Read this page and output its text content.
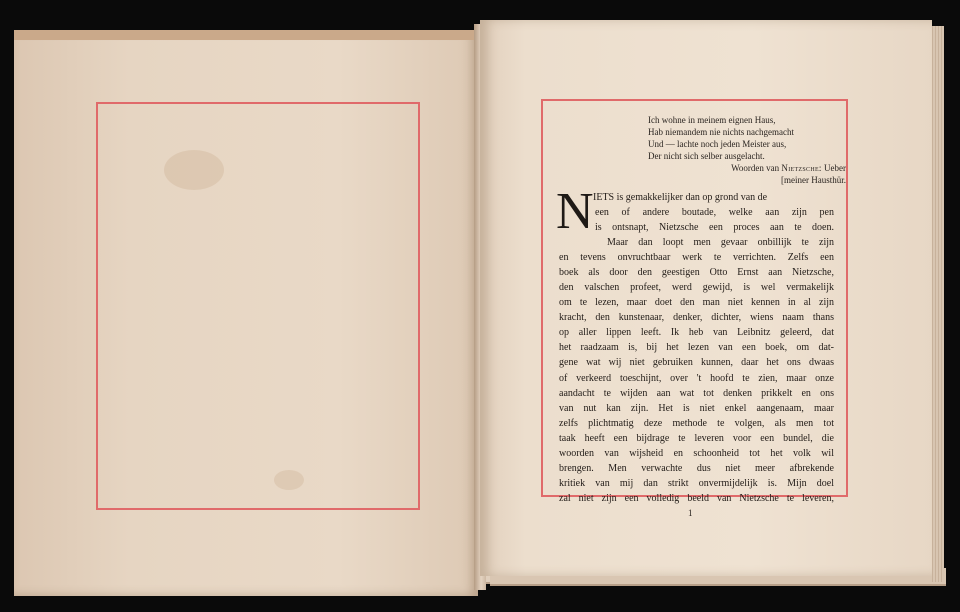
Ich wohne in meinem eignen Haus,
Hab niemandem nie nichts nachgemacht
Und — lachte noch jeden Meister aus,
Der nicht sich selber ausgelacht.
Woorden van Nietzsche: Ueber
[meiner Hausthür.
N IETS is gemakkelijker dan op grond van de
een of andere boutade, welke aan zijn pen
is ontsnapt, Nietzsche een proces aan te doen.
Maar dan loopt men gevaar onbillijk te zijn
en tevens onvruchtbaar werk te verrichten. Zelfs een
boek als door den geestigen Otto Ernst aan Nietzsche,
den valschen profeet, werd gewijd, is wel vermakelijk
om te lezen, maar doet den man niet kennen in al zijn
kracht, den kunstenaar, denker, dichter, wiens naam thans
op aller lippen leeft. Ik heb van Leibnitz geleerd, dat
het raadzaam is, bij het lezen van een boek, om dat-
gene wat wij niet gebruiken kunnen, daar het ons dwaas
of verkeerd toeschijnt, over 't hoofd te zien, maar onze
aandacht te wijden aan wat tot denken prikkelt en ons
van nut kan zijn. Het is niet enkel aangenaam, maar
zelfs plichtmatig deze methode te volgen, als men tot
taak heeft een bijdrage te leveren voor een bundel, die
woorden van wijsheid en schoonheid tot het volk wil
brengen. Men verwachte dus niet meer afbrekende
kritiek van mij dan strikt onvermijdelijk is. Mijn doel
zal niet zijn een volledig beeld van Nietzsche te leveren,
1
